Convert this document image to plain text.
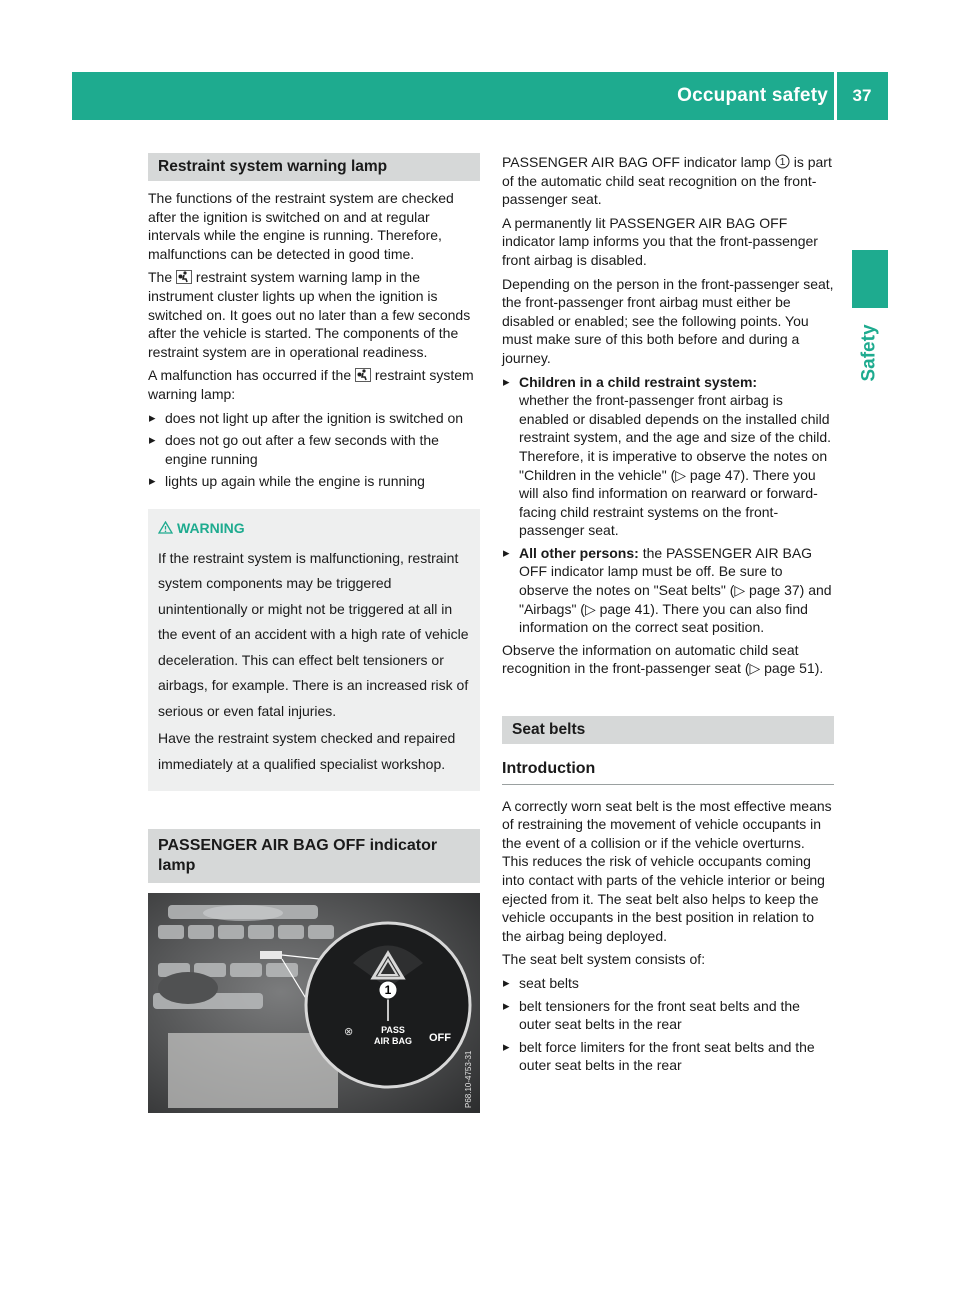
Occupant safety	37
Safety
Restraint system warning lamp

The functions of the restraint system are checked after the ignition is switched on and at regular intervals while the engine is running. Therefore, malfunctions can be detected in good time.

The restraint system warning lamp in the instrument cluster lights up when the ignition is switched on. It goes out no later than a few seconds after the vehicle is started. The components of the restraint system are in operational readiness.

A malfunction has occurred if the restraint system warning lamp:

▸ does not light up after the ignition is switched on
▸ does not go out after a few seconds with the engine running
▸ lights up again while the engine is running
WARNING

If the restraint system is malfunctioning, restraint system components may be triggered unintentionally or might not be triggered at all in the event of an accident with a high rate of vehicle deceleration. This can effect belt tensioners or airbags, for example. There is an increased risk of serious or even fatal injuries.

Have the restraint system checked and repaired immediately at a qualified specialist workshop.

PASSENGER AIR BAG OFF indicator lamp
1
⊗	PASS
AIR BAG OFF
P68.10-4753-31

PASSENGER AIR BAG OFF indicator lamp 1 is part of the automatic child seat recognition on the front-passenger seat.

A permanently lit PASSENGER AIR BAG OFF indicator lamp informs you that the front-passenger front airbag is disabled.

Depending on the person in the front-passenger seat, the front-passenger front airbag must either be disabled or enabled; see the following points. You must make sure of this both before and during a journey.

▸ Children in a child restraint system:
whether the front-passenger front airbag is enabled or disabled depends on the installed child restraint system, and the age and size of the child. Therefore, it is imperative to observe the notes on "Children in the vehicle" (▷ page 47). There you will also find information on rearward or forward-facing child restraint systems on the front-passenger seat.
▸ All other persons: the PASSENGER AIR BAG OFF indicator lamp must be off. Be sure to observe the notes on "Seat belts" (▷ page 37) and "Airbags" (▷ page 41). There you can also find information on the correct seat position.

Observe the information on automatic child seat recognition in the front-passenger seat (▷ page 51).

Seat belts
Introduction

A correctly worn seat belt is the most effective means of restraining the movement of vehicle occupants in the event of a collision or if the vehicle overturns. This reduces the risk of vehicle occupants coming into contact with parts of the vehicle interior or being ejected from it. The seat belt also helps to keep the vehicle occupants in the best position in relation to the airbag being deployed.

The seat belt system consists of:

▸ seat belts
▸ belt tensioners for the front seat belts and the outer seat belts in the rear
▸ belt force limiters for the front seat belts and the outer seat belts in the rear
